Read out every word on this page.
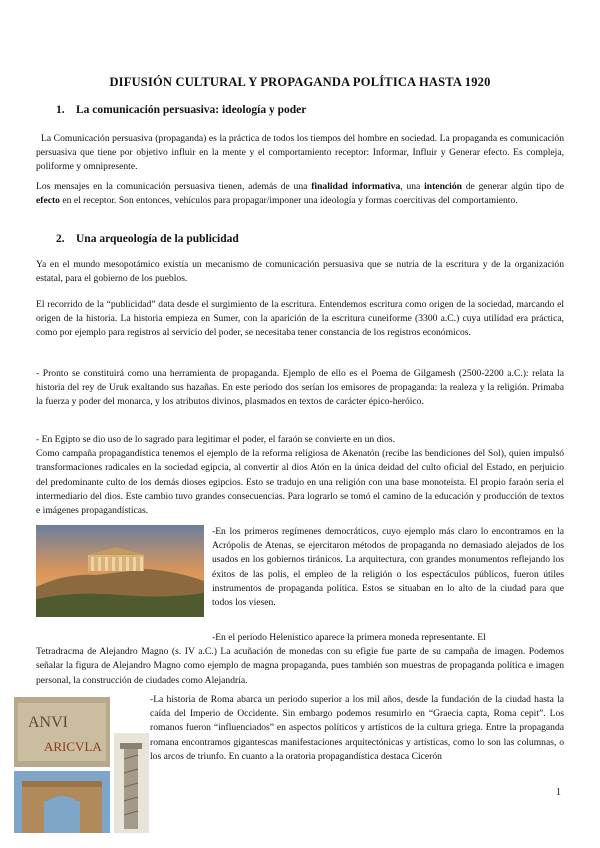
DIFUSIÓN CULTURAL Y PROPAGANDA POLÍTICA HASTA 1920
1. La comunicación persuasiva: ideología y poder
La Comunicación persuasiva (propaganda) es la práctica de todos los tiempos del hombre en sociedad. La propaganda es comunicación persuasiva que tiene por objetivo influir en la mente y el comportamiento receptor: Informar, Influir y Generar efecto. Es compleja, poliforme y omnipresente.
Los mensajes en la comunicación persuasiva tienen, además de una finalidad informativa, una intención de generar algún tipo de efecto en el receptor. Son entonces, vehículos para propagar/imponer una ideología y formas coercitivas del comportamiento.
2. Una arqueología de la publicidad
Ya en el mundo mesopotámico existía un mecanismo de comunicación persuasiva que se nutría de la escritura y de la organización estatal, para el gobierno de los pueblos.
El recorrido de la “publicidad” data desde el surgimiento de la escritura. Entendemos escritura como origen de la sociedad, marcando el origen de la historia. La historia empieza en Sumer, con la aparición de la escritura cuneiforme (3300 a.C.) cuya utilidad era práctica, como por ejemplo para registros al servicio del poder, se necesitaba tener constancia de los registros económicos.
- Pronto se constituirá como una herramienta de propaganda. Ejemplo de ello es el Poema de Gilgamesh (2500-2200 a.C.): relata la historia del rey de Uruk exaltando sus hazañas. En este periodo dos serían los emisores de propaganda: la realeza y la religión. Primaba la fuerza y poder del monarca, y los atributos divinos, plasmados en textos de carácter épico-heróico.
- En Egipto se dio uso de lo sagrado para legitimar el poder, el faraón se convierte en un dios.
Como campaña propagandística tenemos el ejemplo de la reforma religiosa de Akenatón (recibe las bendiciones del Sol), quien impulsó transformaciones radicales en la sociedad egipcia, al convertir al dios Atón en la única deidad del culto oficial del Estado, en perjuicio del predominante culto de los demás dioses egipcios. Esto se tradujo en una religión con una base monoteísta. El propio faraón sería el intermediario del dios. Este cambio tuvo grandes consecuencias. Para lograrlo se tomó el camino de la educación y producción de textos e imágenes propagandísticas.
-En los primeros regímenes democráticos, cuyo ejemplo más claro lo encontramos en la Acrópolis de Atenas, se ejercitaron métodos de propaganda no demasiado alejados de los usados en los gobiernos tiránicos. La arquitectura, con grandes monumentos reflejando los éxitos de las polis, el empleo de la religión o los espectáculos públicos, fueron útiles instrumentos de propaganda política. Estos se situaban en lo alto de la ciudad para que todos los viesen.
-En el periodo Helenístico aparece la primera moneda representante. El
Tetradracma de Alejandro Magno (s. IV a.C.) La acuñación de monedas con su efigie fue parte de su campaña de imagen. Podemos señalar la figura de Alejandro Magno como ejemplo de magna propaganda, pues también son muestras de propaganda política e imagen personal, la construcción de ciudades como Alejandría.
ANVI
ARICVLA
-La historia de Roma abarca un periodo superior a los mil años, desde la fundación de la ciudad hasta la caída del Imperio de Occidente. Sin embargo podemos resumirlo en “Graecia capta, Roma cepit”. Los romanos fueron “influenciados” en aspectos políticos y artísticos de la cultura griega. Entre la propaganda romana encontramos gigantescas manifestaciones arquitectónicas y artísticas, como lo son las columnas, o los arcos de triunfo. En cuanto a la oratoria propagandística destaca Cicerón
1
